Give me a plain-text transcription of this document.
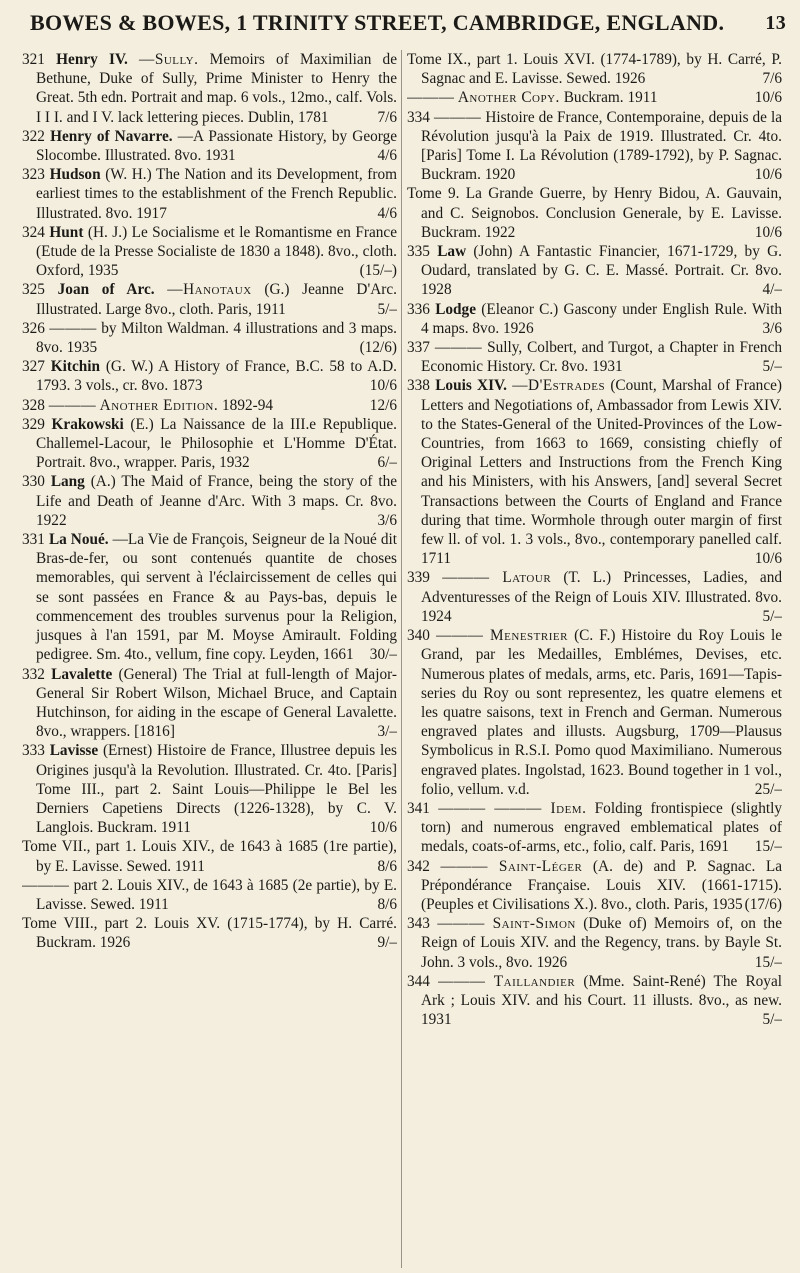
BOWES & BOWES, 1 TRINITY STREET, CAMBRIDGE, ENGLAND. 13

321 Henry IV. —Sully. Memoirs of Maximilian de Bethune, Duke of Sully, Prime Minister to Henry the Great. 5th edn. Portrait and map. 6 vols., 12mo., calf. Vols. I I I. and I V. lack lettering pieces. Dublin, 1781	7/6

322 Henry of Navarre. —A Passionate History, by George Slocombe. Illustrated. 8vo. 1931	4/6

323 Hudson (W. H.) The Nation and its Development, from earliest times to the establishment of the French Republic. Illustrated. 8vo. 1917	4/6

324 Hunt (H. J.) Le Socialisme et le Romantisme en France (Etude de la Presse Socialiste de 1830 a 1848). 8vo., cloth. Oxford, 1935	(15/–)

325 Joan of Arc. —Hanotaux (G.) Jeanne D'Arc. Illustrated. Large 8vo., cloth. Paris, 1911	5/–

326 ——— by Milton Waldman. 4 illustrations and 3 maps. 8vo. 1935	(12/6)

327 Kitchin (G. W.) A History of France, B.C. 58 to A.D. 1793. 3 vols., cr. 8vo. 1873	10/6

328 ——— Another Edition. 1892-94	12/6

329 Krakowski (E.) La Naissance de la III.e Republique. Challemel-Lacour, le Philosophie et L'Homme D'État. Portrait. 8vo., wrapper. Paris, 1932	6/–

330 Lang (A.) The Maid of France, being the story of the Life and Death of Jeanne d'Arc. With 3 maps. Cr. 8vo. 1922	3/6

331 La Noué. —La Vie de François, Seigneur de la Noué dit Bras-de-fer, ou sont contenués quantite de choses memorables, qui servent à l'éclaircissement de celles qui se sont passées en France & au Pays-bas, depuis le commencement des troubles survenus pour la Religion, jusques à l'an 1591, par M. Moyse Amirault. Folding pedigree. Sm. 4to., vellum, fine copy. Leyden, 1661 30/–

332 Lavalette (General) The Trial at full-length of Major-General Sir Robert Wilson, Michael Bruce, and Captain Hutchinson, for aiding in the escape of General Lavalette. 8vo., wrappers. [1816]	3/–

333 Lavisse (Ernest) Histoire de France, Illustree depuis les Origines jusqu'à la Revolution. Illustrated. Cr. 4to. [Paris] Tome III., part 2. Saint Louis—Philippe le Bel les Derniers Capetiens Directs (1226-1328), by C. V. Langlois. Buckram. 1911	10/6

Tome VII., part 1. Louis XIV., de 1643 à 1685 (1re partie), by E. Lavisse. Sewed. 1911	8/6

——— part 2. Louis XIV., de 1643 à 1685 (2e partie), by E. Lavisse. Sewed. 1911	8/6

Tome VIII., part 2. Louis XV. (1715-1774), by H. Carré. Buckram. 1926	9/–

Tome IX., part 1. Louis XVI. (1774-1789), by H. Carré, P. Sagnac and E. Lavisse. Sewed. 1926	7/6

——— Another Copy. Buckram. 1911	10/6

334 ——— Histoire de France, Contemporaine, depuis de la Révolution jusqu'à la Paix de 1919. Illustrated. Cr. 4to. [Paris] Tome I. La Révolution (1789-1792), by P. Sagnac. Buckram. 1920	10/6

Tome 9. La Grande Guerre, by Henry Bidou, A. Gauvain, and C. Seignobos. Conclusion Generale, by E. Lavisse. Buckram. 1922	10/6

335 Law (John) A Fantastic Financier, 1671-1729, by G. Oudard, translated by G. C. E. Massé. Portrait. Cr. 8vo. 1928	4/–

336 Lodge (Eleanor C.) Gascony under English Rule. With 4 maps. 8vo. 1926	3/6

337 ——— Sully, Colbert, and Turgot, a Chapter in French Economic History. Cr. 8vo. 1931	5/–

338 Louis XIV. —D'Estrades (Count, Marshal of France) Letters and Negotiations of, Ambassador from Lewis XIV. to the States-General of the United-Provinces of the Low-Countries, from 1663 to 1669, consisting chiefly of Original Letters and Instructions from the French King and his Ministers, with his Answers, [and] several Secret Transactions between the Courts of England and France during that time. Wormhole through outer margin of first few ll. of vol. 1. 3 vols., 8vo., contemporary panelled calf. 1711	10/6

339 ——— Latour (T. L.) Princesses, Ladies, and Adventuresses of the Reign of Louis XIV. Illustrated. 8vo. 1924	5/–

340 ——— Menestrier (C. F.) Histoire du Roy Louis le Grand, par les Medailles, Emblémes, Devises, etc. Numerous plates of medals, arms, etc. Paris, 1691—Tapis-series du Roy ou sont representez, les quatre elemens et les quatre saisons, text in French and German. Numerous engraved plates and illusts. Augsburg, 1709—Plausus Symbolicus in R.S.I. Pomo quod Maximiliano. Numerous engraved plates. Ingolstad, 1623. Bound together in 1 vol., folio, vellum. v.d.	25/–

341 ——— ——— Idem. Folding frontispiece (slightly torn) and numerous engraved emblematical plates of medals, coats-of-arms, etc., folio, calf. Paris, 1691 15/–

342 ——— Saint-Léger (A. de) and P. Sagnac. La Prépondérance Française. Louis XIV. (1661-1715). (Peuples et Civilisations X.). 8vo., cloth. Paris, 1935 (17/6)

343 ——— Saint-Simon (Duke of) Memoirs of, on the Reign of Louis XIV. and the Regency, trans. by Bayle St. John. 3 vols., 8vo. 1926	15/–

344 ——— Taillandier (Mme. Saint-René) The Royal Ark ; Louis XIV. and his Court. 11 illusts. 8vo., as new. 1931	5/–
